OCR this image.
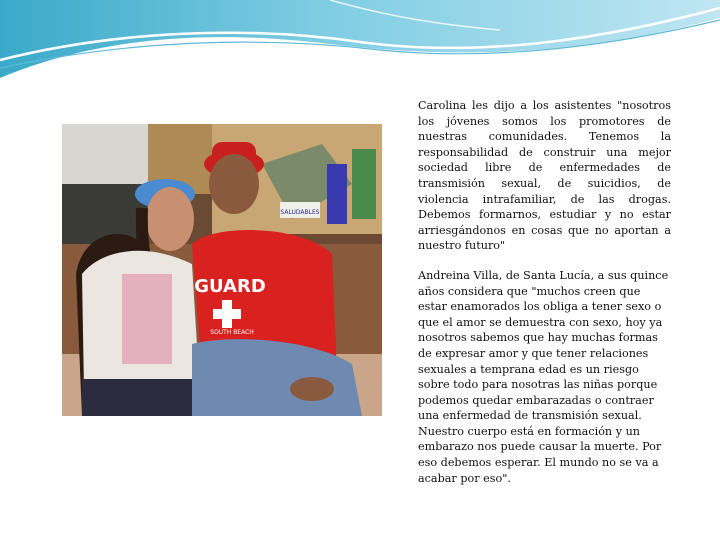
SALUDABLES
GUARD
SOUTH BEACH

Carolina les dijo a los asistentes "nosotros los jóvenes somos los promotores de nuestras comunidades. Tenemos la responsabilidad de construir una mejor sociedad libre de enfermedades de transmisión sexual, de suicidios, de violencia intrafamiliar, de las drogas. Debemos formarnos, estudiar y no estar arriesgándonos en cosas que no aportan a nuestro futuro"

Andreina Villa, de Santa Lucía, a sus quince años considera que "muchos creen que estar enamorados los obliga a tener sexo o que el amor se demuestra con sexo, hoy ya nosotros sabemos que hay muchas formas de expresar amor y que tener relaciones sexuales a temprana edad es un riesgo sobre todo para nosotras las niñas porque podemos quedar embarazadas o contraer una enfermedad de transmisión sexual. Nuestro cuerpo está en formación y un embarazo nos puede causar la muerte. Por eso debemos esperar. El mundo no se va a acabar por eso".
